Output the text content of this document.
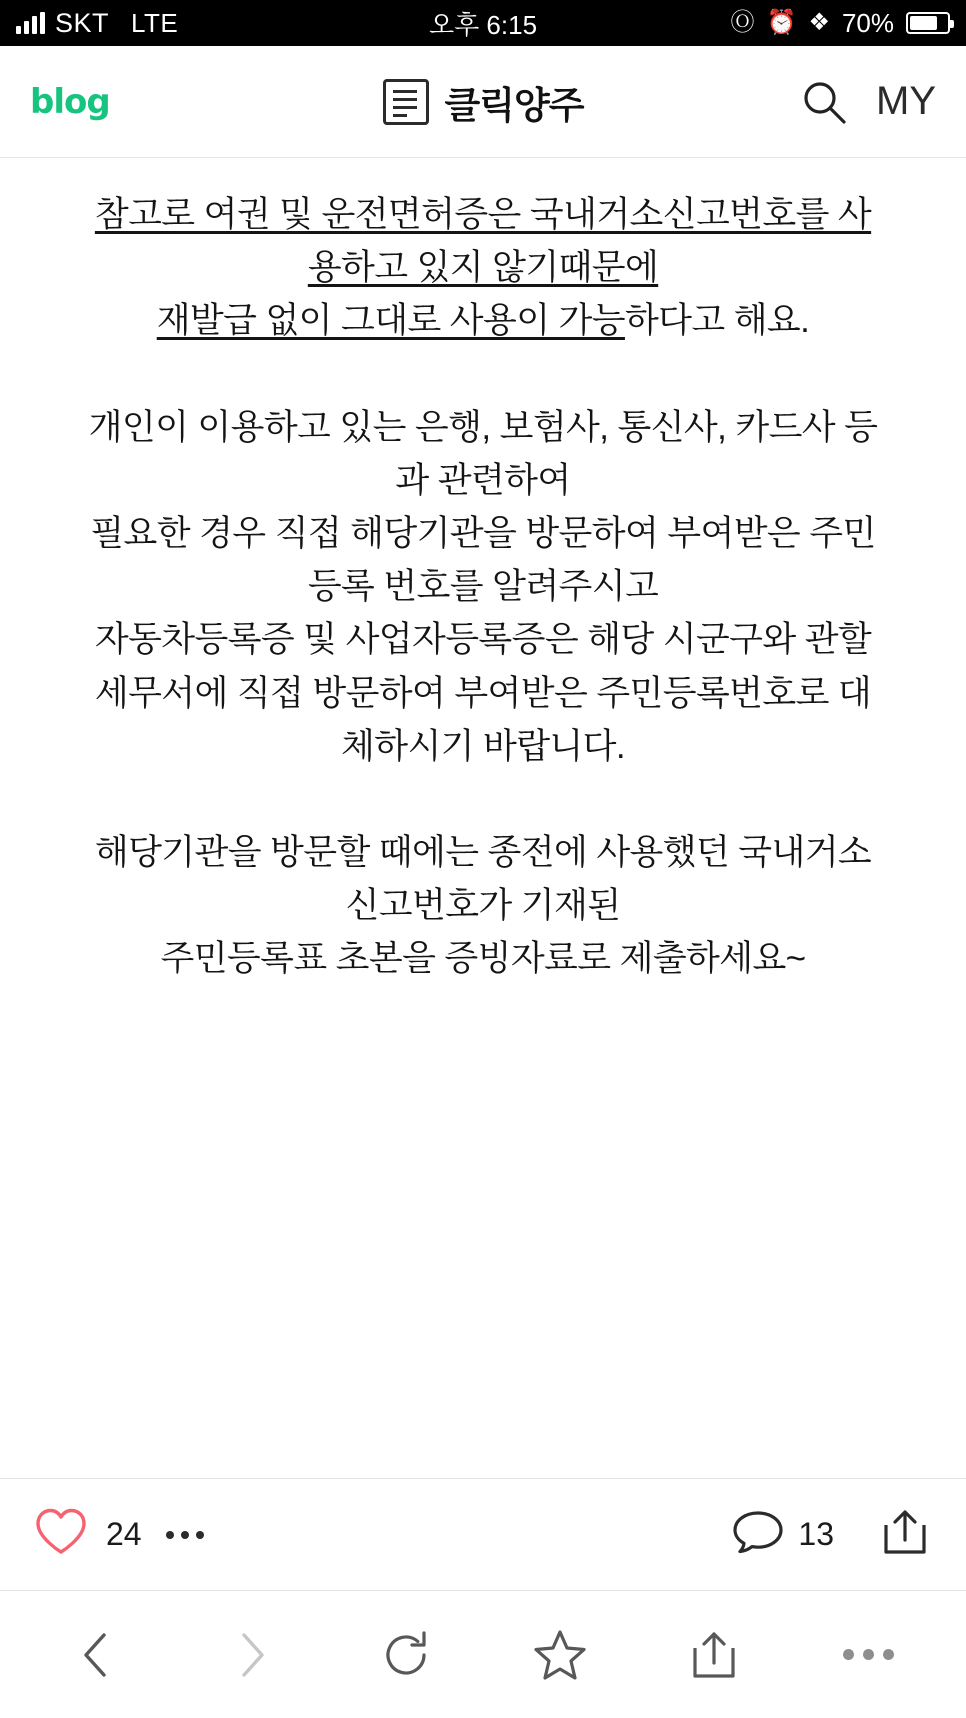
SKT LTE	오후 6:15	Ⓞ ⏰ ❖ 70%
blog	클릭양주	MY

참고로 여권 및 운전면허증은 국내거소신고번호를 사

용하고 있지 않기때문에

재발급 없이 그대로 사용이 가능하다고 해요.

개인이 이용하고 있는 은행, 보험사, 통신사, 카드사 등

과 관련하여

필요한 경우 직접 해당기관을 방문하여 부여받은 주민

등록 번호를 알려주시고

자동차등록증 및 사업자등록증은 해당 시군구와 관할

세무서에 직접 방문하여 부여받은 주민등록번호로 대

체하시기 바랍니다.

해당기관을 방문할 때에는 종전에 사용했던 국내거소

신고번호가 기재된

주민등록표 초본을 증빙자료로 제출하세요~

24	13
